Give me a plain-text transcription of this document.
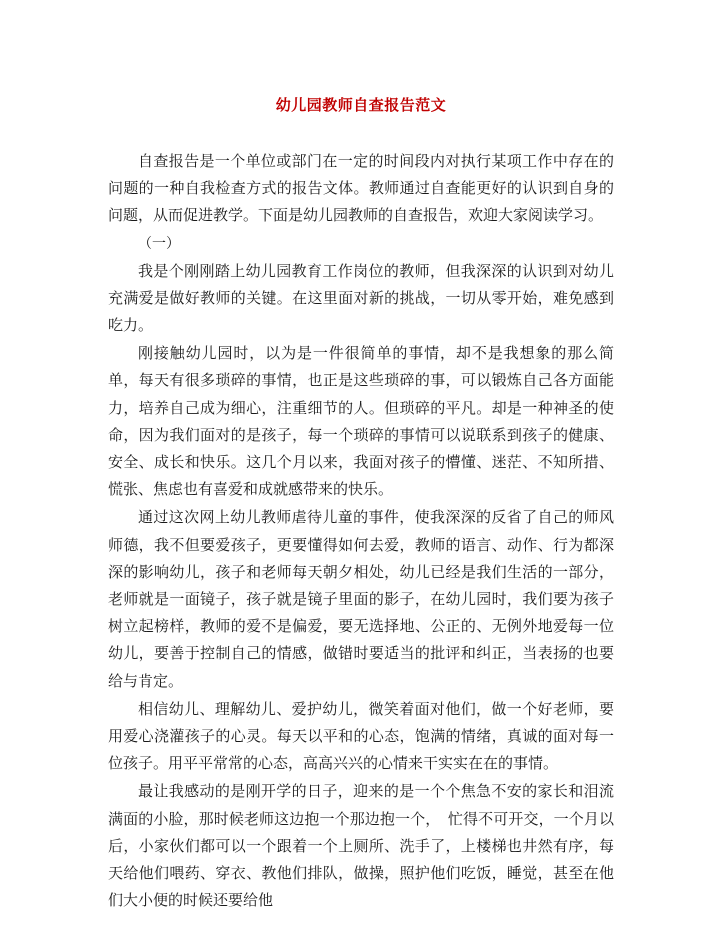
幼儿园教师自查报告范文

自查报告是一个单位或部门在一定的时间段内对执行某项工作中存在的问题的一种自我检查方式的报告文体。教师通过自查能更好的认识到自身的问题，从而促进教学。下面是幼儿园教师的自查报告，欢迎大家阅读学习。

（一）

我是个刚刚踏上幼儿园教育工作岗位的教师，但我深深的认识到对幼儿充满爱是做好教师的关键。在这里面对新的挑战，一切从零开始，难免感到吃力。

刚接触幼儿园时，以为是一件很简单的事情，却不是我想象的那么简单，每天有很多琐碎的事情，也正是这些琐碎的事，可以锻炼自己各方面能力，培养自己成为细心，注重细节的人。但琐碎的平凡。却是一种神圣的使命，因为我们面对的是孩子，每一个琐碎的事情可以说联系到孩子的健康、安全、成长和快乐。这几个月以来，我面对孩子的懵懂、迷茫、不知所措、慌张、焦虑也有喜爱和成就感带来的快乐。

通过这次网上幼儿教师虐待儿童的事件，使我深深的反省了自己的师风师德，我不但要爱孩子，更要懂得如何去爱，教师的语言、动作、行为都深深的影响幼儿，孩子和老师每天朝夕相处，幼儿已经是我们生活的一部分，老师就是一面镜子，孩子就是镜子里面的影子，在幼儿园时，我们要为孩子树立起榜样，教师的爱不是偏爱，要无选择地、公正的、无例外地爱每一位幼儿，要善于控制自己的情感，做错时要适当的批评和纠正，当表扬的也要给与肯定。

相信幼儿、理解幼儿、爱护幼儿，微笑着面对他们，做一个好老师，要用爱心浇灌孩子的心灵。每天以平和的心态，饱满的情绪，真诚的面对每一位孩子。用平平常常的心态，高高兴兴的心情来干实实在在的事情。

最让我感动的是刚开学的日子，迎来的是一个个焦急不安的家长和泪流满面的小脸，那时候老师这边抱一个那边抱一个，　忙得不可开交，一个月以后，小家伙们都可以一个跟着一个上厕所、洗手了，上楼梯也井然有序，每天给他们喂药、穿衣、教他们排队，做操，照护他们吃饭，睡觉，甚至在他们大小便的时候还要给他
